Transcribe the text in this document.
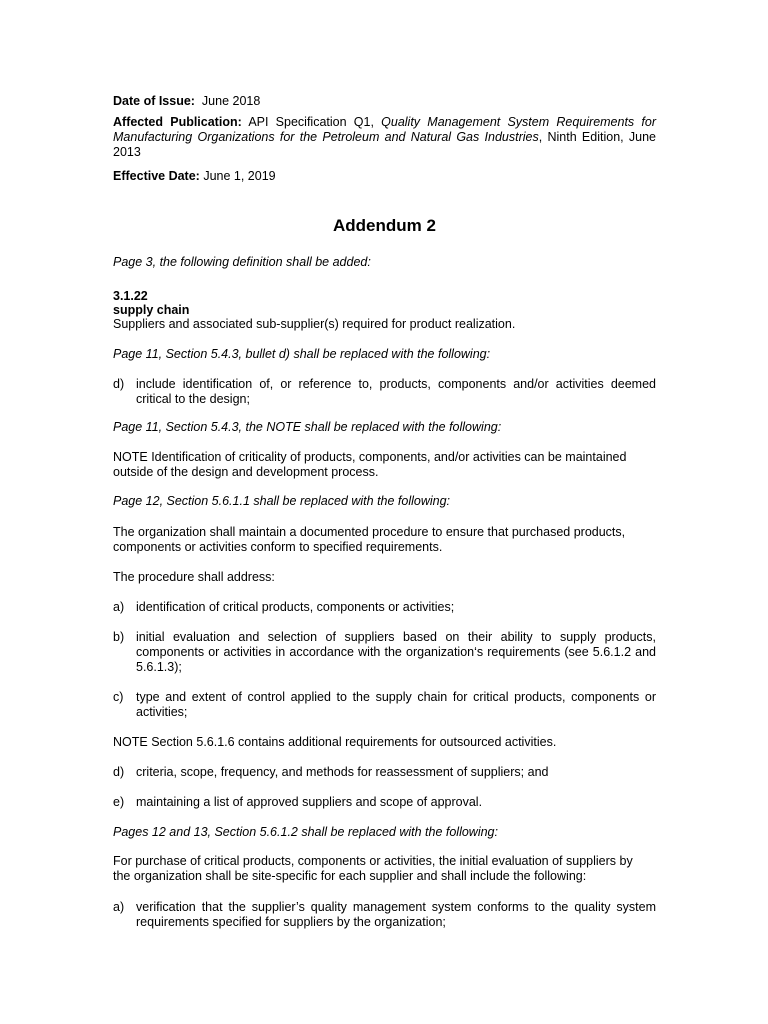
Date of Issue: June 2018

Affected Publication: API Specification Q1, Quality Management System Requirements for Manufacturing Organizations for the Petroleum and Natural Gas Industries, Ninth Edition, June 2013

Effective Date: June 1, 2019

Addendum 2

Page 3, the following definition shall be added:

3.1.22

supply chain

Suppliers and associated sub-supplier(s) required for product realization.

Page 11, Section 5.4.3, bullet d) shall be replaced with the following:

d) include identification of, or reference to, products, components and/or activities deemed critical to the design;

Page 11, Section 5.4.3, the NOTE shall be replaced with the following:

NOTE Identification of criticality of products, components, and/or activities can be maintained outside of the design and development process.

Page 12, Section 5.6.1.1 shall be replaced with the following:

The organization shall maintain a documented procedure to ensure that purchased products, components or activities conform to specified requirements.

The procedure shall address:

a) identification of critical products, components or activities;
b) initial evaluation and selection of suppliers based on their ability to supply products, components or activities in accordance with the organization‘s requirements (see 5.6.1.2 and 5.6.1.3);
c) type and extent of control applied to the supply chain for critical products, components or activities;

NOTE Section 5.6.1.6 contains additional requirements for outsourced activities.

d) criteria, scope, frequency, and methods for reassessment of suppliers; and
e) maintaining a list of approved suppliers and scope of approval.

Pages 12 and 13, Section 5.6.1.2 shall be replaced with the following:

For purchase of critical products, components or activities, the initial evaluation of suppliers by the organization shall be site-specific for each supplier and shall include the following:

a) verification that the supplier’s quality management system conforms to the quality system requirements specified for suppliers by the organization;
